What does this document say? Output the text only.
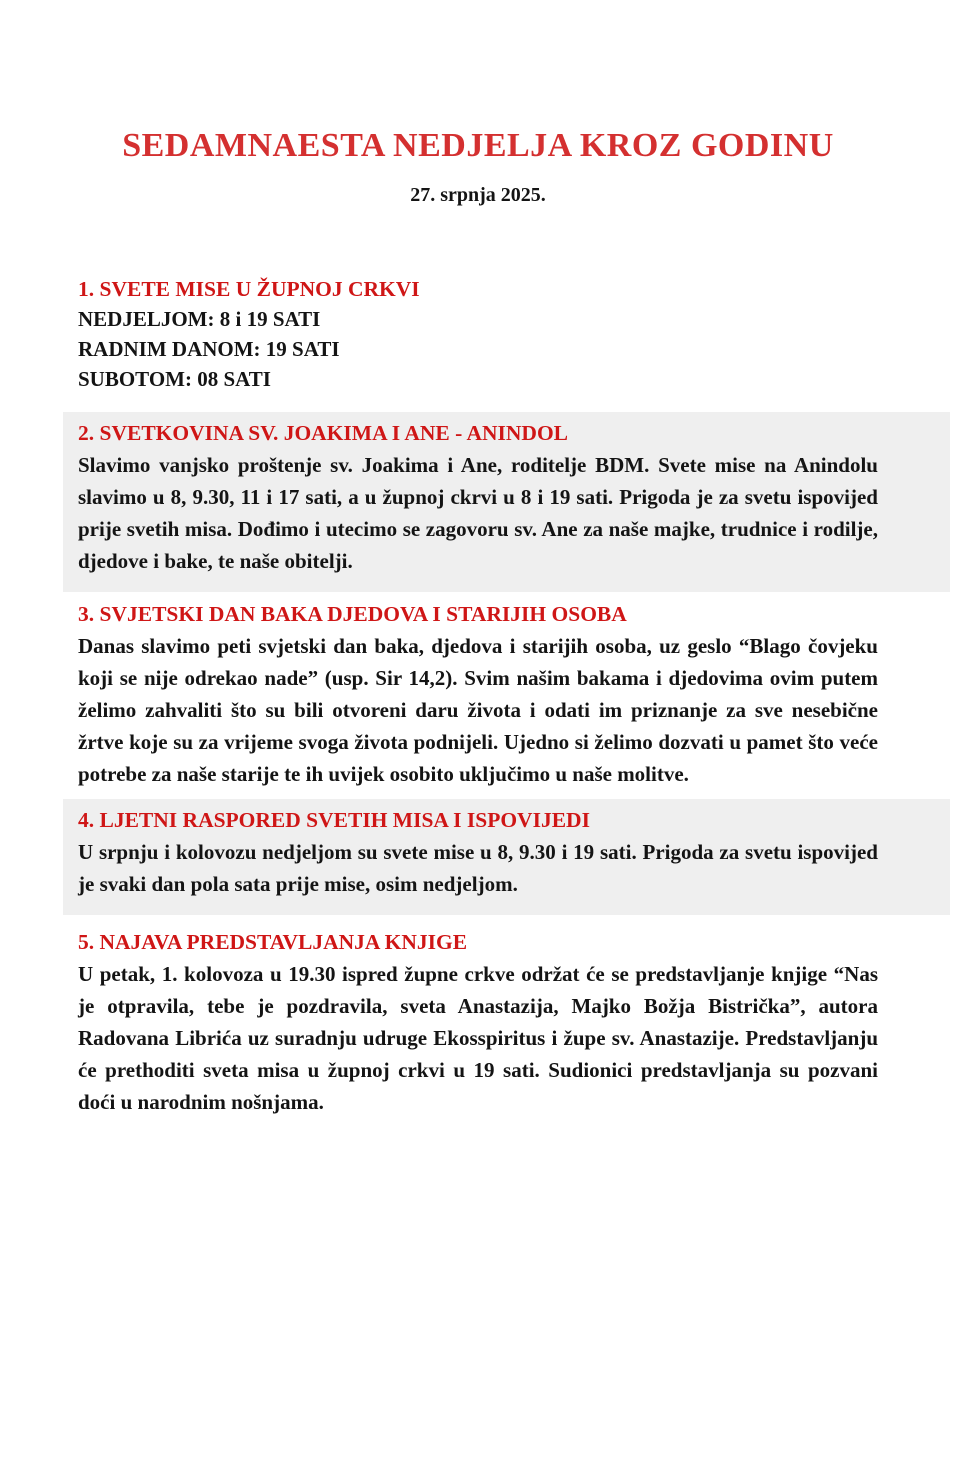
SEDAMNAESTA NEDJELJA KROZ GODINU
27. srpnja 2025.
1. SVETE MISE U ŽUPNOJ CRKVI
NEDJELJOM: 8 i 19 SATI
RADNIM DANOM: 19 SATI
SUBOTOM: 08 SATI
2. SVETKOVINA SV. JOAKIMA I ANE - ANINDOL

Slavimo vanjsko proštenje sv. Joakima i Ane, roditelje BDM. Svete mise na Anindolu slavimo u 8, 9.30, 11 i 17 sati, a u župnoj ckrvi u 8 i 19 sati. Prigoda je za svetu ispovijed prije svetih misa. Dođimo i utecimo se zagovoru sv. Ane za naše majke, trudnice i rodilje, djedove i bake, te naše obitelji.

3. SVJETSKI DAN BAKA DJEDOVA I STARIJIH OSOBA

Danas slavimo peti svjetski dan baka, djedova i starijih osoba, uz geslo “Blago čovjeku koji se nije odrekao nade” (usp. Sir 14,2). Svim našim bakama i djedovima ovim putem želimo zahvaliti što su bili otvoreni daru života i odati im priznanje za sve nesebične žrtve koje su za vrijeme svoga života podnijeli. Ujedno si želimo dozvati u pamet što veće potrebe za naše starije te ih uvijek osobito uključimo u naše molitve.

4. LJETNI RASPORED SVETIH MISA I ISPOVIJEDI

U srpnju i kolovozu nedjeljom su svete mise u 8, 9.30 i 19 sati. Prigoda za svetu ispovijed je svaki dan pola sata prije mise, osim nedjeljom.

5. NAJAVA PREDSTAVLJANJA KNJIGE

U petak, 1. kolovoza u 19.30 ispred župne crkve održat će se predstavljanje knjige “Nas je otpravila, tebe je pozdravila, sveta Anastazija, Majko Božja Bistrička”, autora Radovana Librića uz suradnju udruge Ekosspiritus i župe sv. Anastazije. Predstavljanju će prethoditi sveta misa u župnoj crkvi u 19 sati. Sudionici predstavljanja su pozvani doći u narodnim nošnjama.
